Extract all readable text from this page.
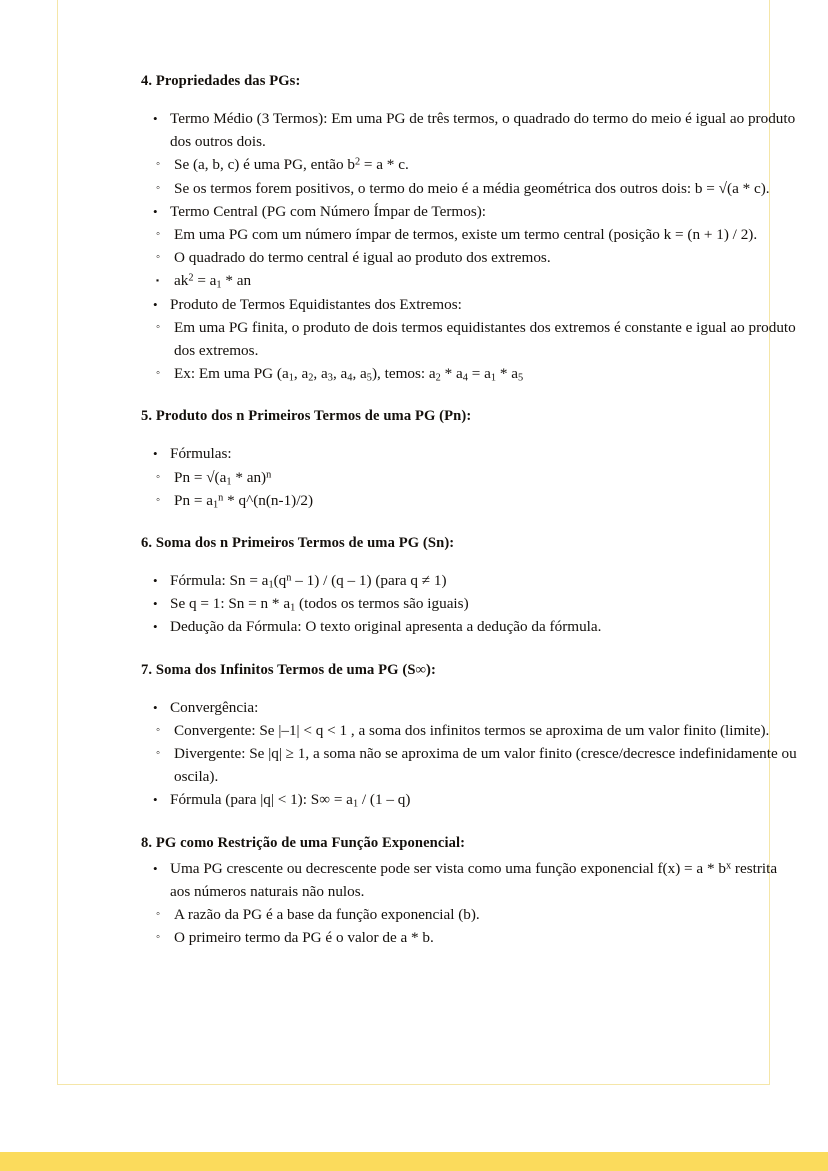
4. Propriedades das PGs:
• Termo Médio (3 Termos): Em uma PG de três termos, o quadrado do termo do meio é igual ao produto dos outros dois.
◦ Se (a, b, c) é uma PG, então $b^2 = a * c$.
◦ Se os termos forem positivos, o termo do meio é a média geométrica dos outros dois: b = √(a * c).
• Termo Central (PG com Número Ímpar de Termos):
◦ Em uma PG com um número ímpar de termos, existe um termo central (posição k = (n + 1) / 2).
◦ O quadrado do termo central é igual ao produto dos extremos.
▪ $ak^2 = a_1$ * an
• Produto de Termos Equidistantes dos Extremos:
◦ Em uma PG finita, o produto de dois termos equidistantes dos extremos é constante e igual ao produto dos extremos.
◦ Ex: Em uma PG ($a_1$, $a_2$, $a_3$, $a_4$, $a_5$), temos: $a_2 * a_4 = a_1 * a_5$
5. Produto dos n Primeiros Termos de uma PG (Pn):
• Fórmulas:
◦ $Pn = √(a_1 * an)^n$
◦ $Pn = a_1^n$ * q^(n(n-1)/2)
6. Soma dos n Primeiros Termos de uma PG (Sn):
• Fórmula: $Sn = a_1(q^n - 1) / (q - 1)$ (para q ≠ 1)
• Se q = 1: $Sn = n * a_1$ (todos os termos são iguais)
• Dedução da Fórmula: O texto original apresenta a dedução da fórmula.
7. Soma dos Infinitos Termos de uma PG (S∞):
• Convergência:
◦ Convergente: Se |–1| < q < 1 , a soma dos infinitos termos se aproxima de um valor finito (limite).
◦ Divergente: Se |q| ≥ 1, a soma não se aproxima de um valor finito (cresce/decresce indefinidamente ou oscila).
• Fórmula (para |q| < 1): $S\infty = a_1 / (1 - q)$
8. PG como Restrição de uma Função Exponencial:
• Uma PG crescente ou decrescente pode ser vista como uma função exponencial $f(x) = a * b^x$ restrita aos números naturais não nulos.
◦ A razão da PG é a base da função exponencial (b).
◦ O primeiro termo da PG é o valor de a * b.
